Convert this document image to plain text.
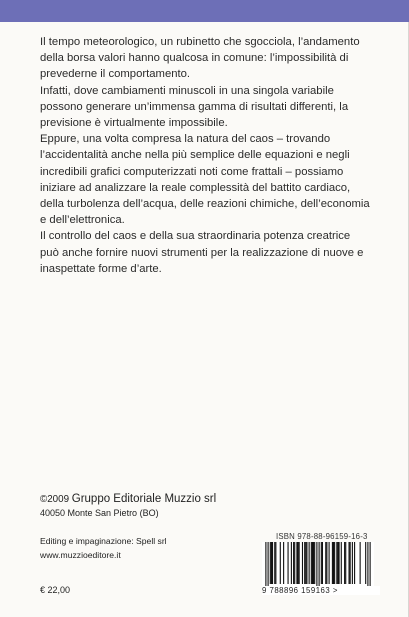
Il tempo meteorologico, un rubinetto che sgocciola, l’andamento della borsa valori hanno qualcosa in comune: l’impossibilità di prevederne il comportamento.

Infatti, dove cambiamenti minuscoli in una singola variabile possono generare un’immensa gamma di risultati differenti, la previsione è virtualmente impossibile.

Eppure, una volta compresa la natura del caos – trovando l’accidentalità anche nella più semplice delle equazioni e negli incredibili grafici computerizzati noti come frattali – possiamo iniziare ad analizzare la reale complessità del battito cardiaco, della turbolenza dell’acqua, delle reazioni chimiche, dell’economia e dell’elettronica.

Il controllo del caos e della sua straordinaria potenza creatrice può anche fornire nuovi strumenti per la realizzazione di nuove e inaspettate forme d’arte.

©2009 Gruppo Editoriale Muzzio srl
40050 Monte San Pietro (BO)
Editing e impaginazione: Spell srl
www.muzzioeditore.it
€ 22,00
ISBN 978-88-96159-16-3
9 788896 159163 >
